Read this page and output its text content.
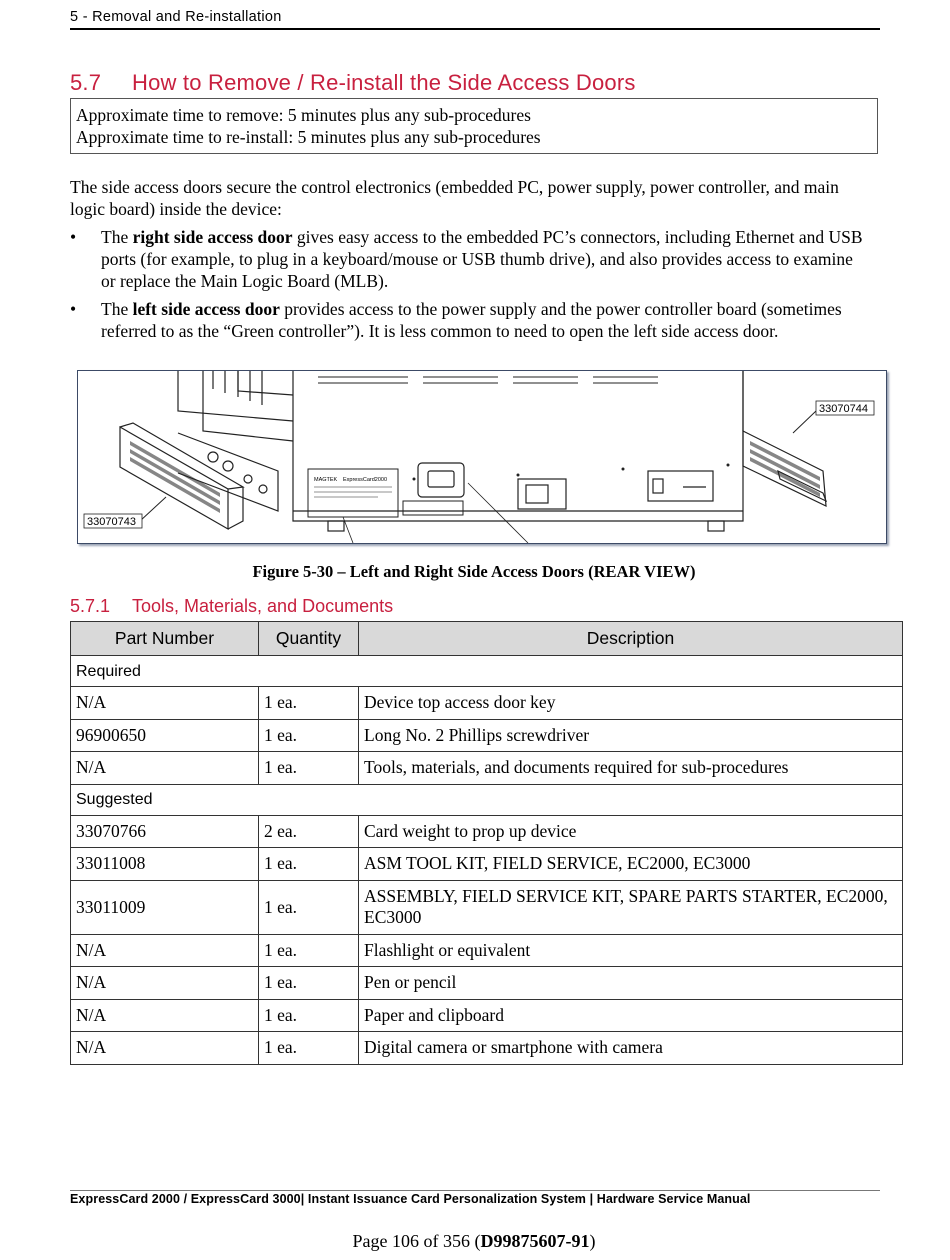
5 - Removal and Re-installation
5.7 How to Remove / Re-install the Side Access Doors
Approximate time to remove: 5 minutes plus any sub-procedures
Approximate time to re-install: 5 minutes plus any sub-procedures

The side access doors secure the control electronics (embedded PC, power supply, power controller, and main logic board) inside the device:

• The right side access door gives easy access to the embedded PC’s connectors, including Ethernet and USB ports (for example, to plug in a keyboard/mouse or USB thumb drive), and also provides access to examine or replace the Main Logic Board (MLB).
• The left side access door provides access to the power supply and the power controller board (sometimes referred to as the “Green controller”). It is less common to need to open the left side access door.
MAGTEK ExpressCard2000
33070743
33070744
Figure 5-30 – Left and Right Side Access Doors (REAR VIEW)
5.7.1 Tools, Materials, and Documents
Part Number	Quantity	Description
Required		
N/A	1 ea.	Device top access door key
96900650	1 ea.	Long No. 2 Phillips screwdriver
N/A	1 ea.	Tools, materials, and documents required for sub-procedures
Suggested		
33070766	2 ea.	Card weight to prop up device
33011008	1 ea.	ASM TOOL KIT, FIELD SERVICE, EC2000, EC3000
33011009	1 ea.	ASSEMBLY, FIELD SERVICE KIT, SPARE PARTS STARTER, EC2000, EC3000
N/A	1 ea.	Flashlight or equivalent
N/A	1 ea.	Pen or pencil
N/A	1 ea.	Paper and clipboard
N/A	1 ea.	Digital camera or smartphone with camera
ExpressCard 2000 / ExpressCard 3000| Instant Issuance Card Personalization System | Hardware Service Manual
Page 106 of 356 (D99875607-91)
